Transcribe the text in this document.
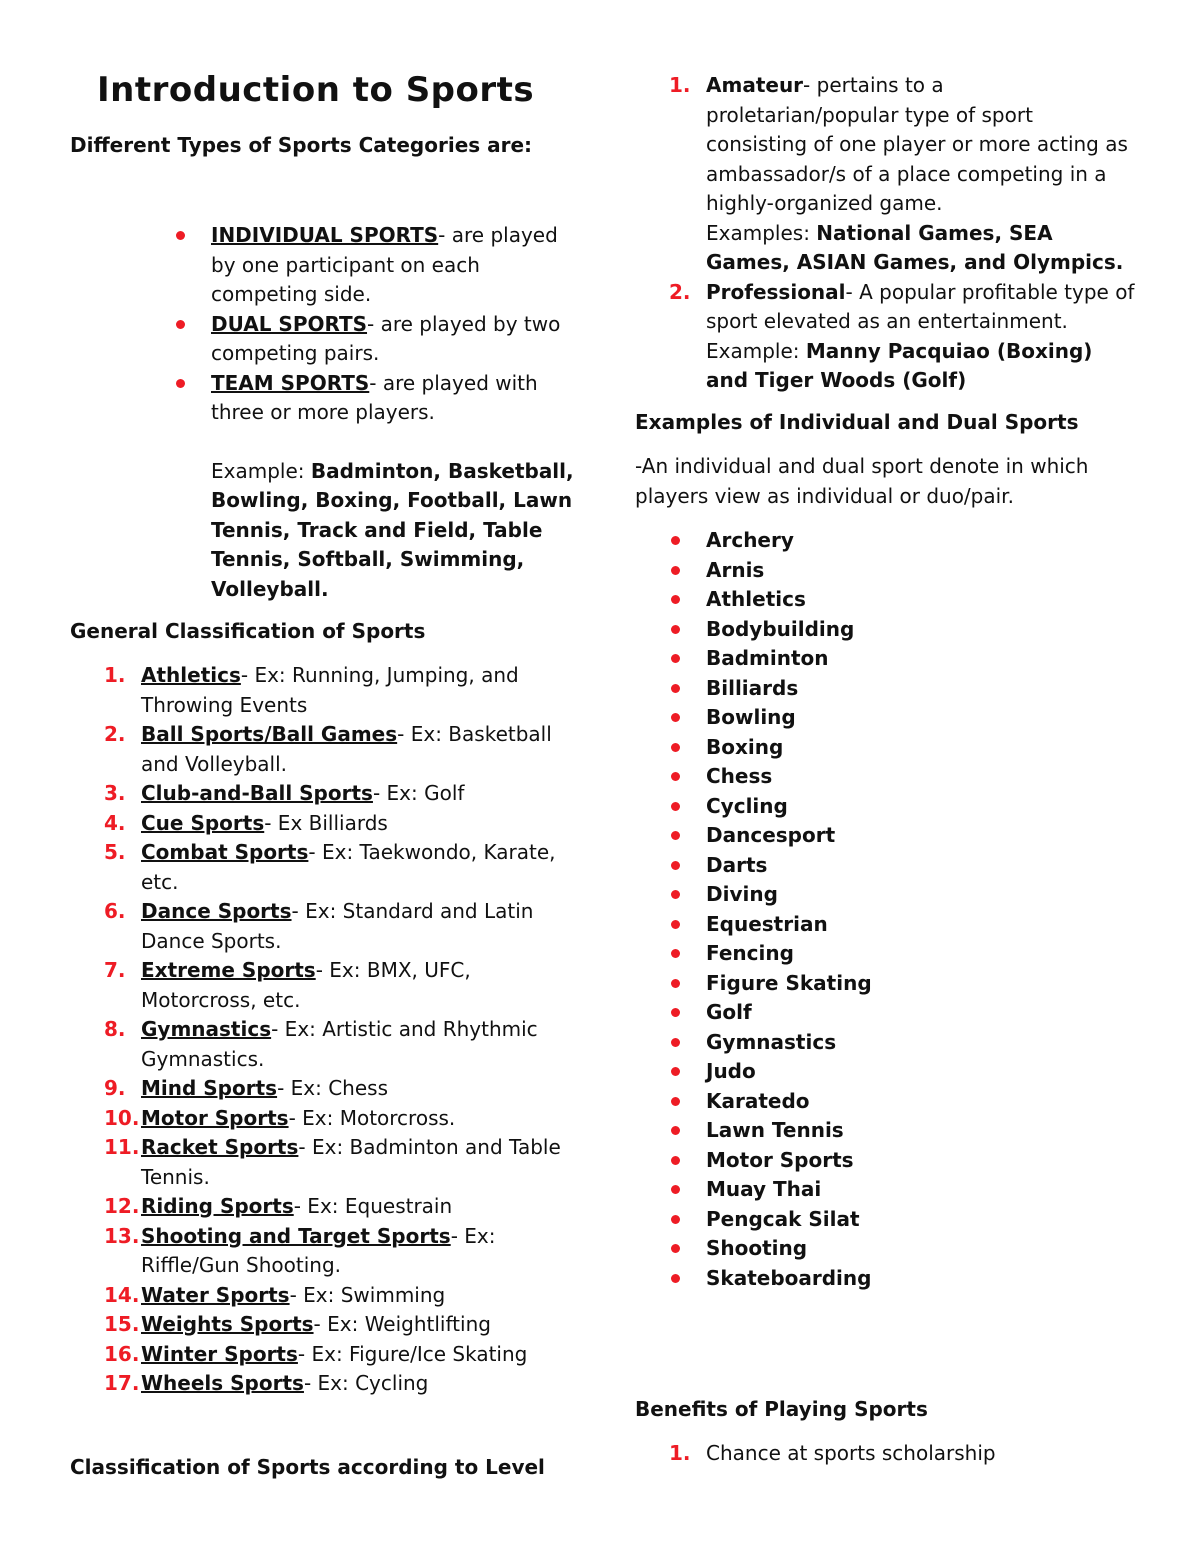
Introduction to Sports
Different Types of Sports Categories are:
INDIVIDUAL SPORTS- are played by one participant on each competing side.
DUAL SPORTS- are played by two competing pairs.
TEAM SPORTS- are played with three or more players.
Example: Badminton, Basketball, Bowling, Boxing, Football, Lawn Tennis, Track and Field, Table Tennis, Softball, Swimming, Volleyball.
General Classification of Sports
1. Athletics- Ex: Running, Jumping, and Throwing Events
2. Ball Sports/Ball Games- Ex: Basketball and Volleyball.
3. Club-and-Ball Sports- Ex: Golf
4. Cue Sports- Ex Billiards
5. Combat Sports- Ex: Taekwondo, Karate, etc.
6. Dance Sports- Ex: Standard and Latin Dance Sports.
7. Extreme Sports- Ex: BMX, UFC, Motorcross, etc.
8. Gymnastics- Ex: Artistic and Rhythmic Gymnastics.
9. Mind Sports- Ex: Chess
10. Motor Sports- Ex: Motorcross.
11. Racket Sports- Ex: Badminton and Table Tennis.
12. Riding Sports- Ex: Equestrain
13. Shooting and Target Sports- Ex: Riffle/Gun Shooting.
14. Water Sports- Ex: Swimming
15. Weights Sports- Ex: Weightlifting
16. Winter Sports- Ex: Figure/Ice Skating
17. Wheels Sports- Ex: Cycling
Classification of Sports according to Level
1. Amateur- pertains to a proletarian/popular type of sport consisting of one player or more acting as ambassador/s of a place competing in a highly-organized game.
Examples: National Games, SEA Games, ASIAN Games, and Olympics.
2. Professional- A popular profitable type of sport elevated as an entertainment.
Example: Manny Pacquiao (Boxing) and Tiger Woods (Golf)
Examples of Individual and Dual Sports

-An individual and dual sport denote in which players view as individual or duo/pair.

Archery
Arnis
Athletics
Bodybuilding
Badminton
Billiards
Bowling
Boxing
Chess
Cycling
Dancesport
Darts
Diving
Equestrian
Fencing
Figure Skating
Golf
Gymnastics
Judo
Karatedo
Lawn Tennis
Motor Sports
Muay Thai
Pengcak Silat
Shooting
Skateboarding
Benefits of Playing Sports
1. Chance at sports scholarship
